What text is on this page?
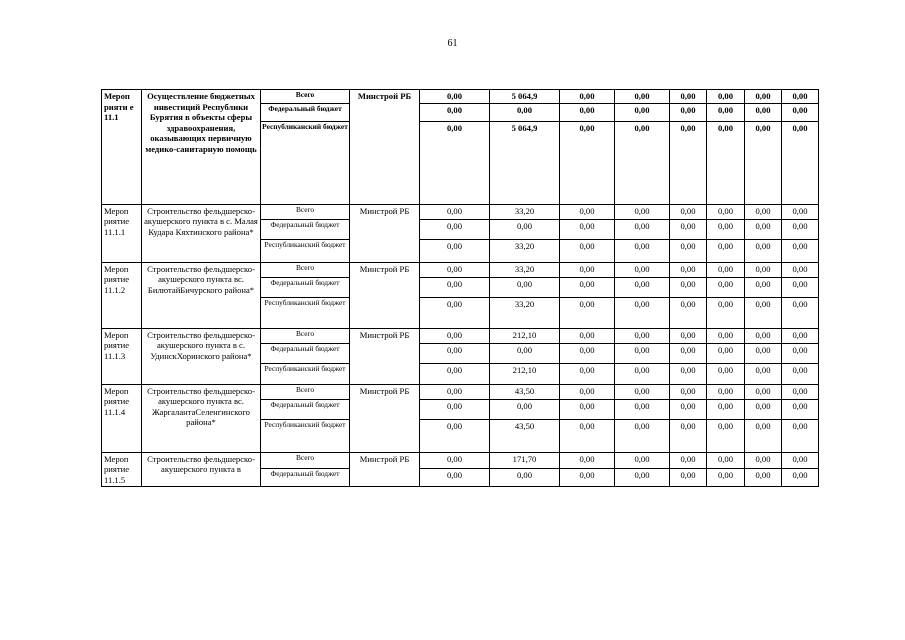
61
Мероп рияти е 11.1	Осуществление бюджетных инвестиций Республики Бурятия в объекты сферы здравоохранения, оказывающих первичную медико-санитарную помощь	Всего	Минстрой РБ	0,00	5 064,9	0,00	0,00	0,00	0,00	0,00	0,00
		Федеральный бюджет		0,00	0,00	0,00	0,00	0,00	0,00	0,00	0,00
		Республиканский бюджет		0,00	5 064,9	0,00	0,00	0,00	0,00	0,00	0,00
Мероп риятие 11.1.1	Строительство фельдшерско-акушерского пункта в с. Малая Кудара Кяхтинского района*	Всего	Минстрой РБ	0,00	33,20	0,00	0,00	0,00	0,00	0,00	0,00
		Федеральный бюджет		0,00	0,00	0,00	0,00	0,00	0,00	0,00	0,00
		Республиканский бюджет		0,00	33,20	0,00	0,00	0,00	0,00	0,00	0,00
Мероп риятие 11.1.2	Строительство фельдшерско-акушерского пункта вс. БилютайБичурского района*	Всего	Минстрой РБ	0,00	33,20	0,00	0,00	0,00	0,00	0,00	0,00
		Федеральный бюджет		0,00	0,00	0,00	0,00	0,00	0,00	0,00	0,00
		Республиканский бюджет		0,00	33,20	0,00	0,00	0,00	0,00	0,00	0,00
Мероп риятие 11.1.3	Строительство фельдшерско-акушерского пункта в с. УдинскХоринского района*	Всего	Минстрой РБ	0,00	212,10	0,00	0,00	0,00	0,00	0,00	0,00
		Федеральный бюджет		0,00	0,00	0,00	0,00	0,00	0,00	0,00	0,00
		Республиканский бюджет		0,00	212,10	0,00	0,00	0,00	0,00	0,00	0,00
Мероп риятие 11.1.4	Строительство фельдшерско-акушерского пункта вс. ЖаргалантаСеленгинского района*	Всего	Минстрой РБ	0,00	43,50	0,00	0,00	0,00	0,00	0,00	0,00
		Федеральный бюджет		0,00	0,00	0,00	0,00	0,00	0,00	0,00	0,00
		Республиканский бюджет		0,00	43,50	0,00	0,00	0,00	0,00	0,00	0,00
Мероп риятие 11.1.5	Строительство фельдшерско-акушерского пункта в	Всего	Минстрой РБ	0,00	171,70	0,00	0,00	0,00	0,00	0,00	0,00
		Федеральный бюджет		0,00	0,00	0,00	0,00	0,00	0,00	0,00	0,00
